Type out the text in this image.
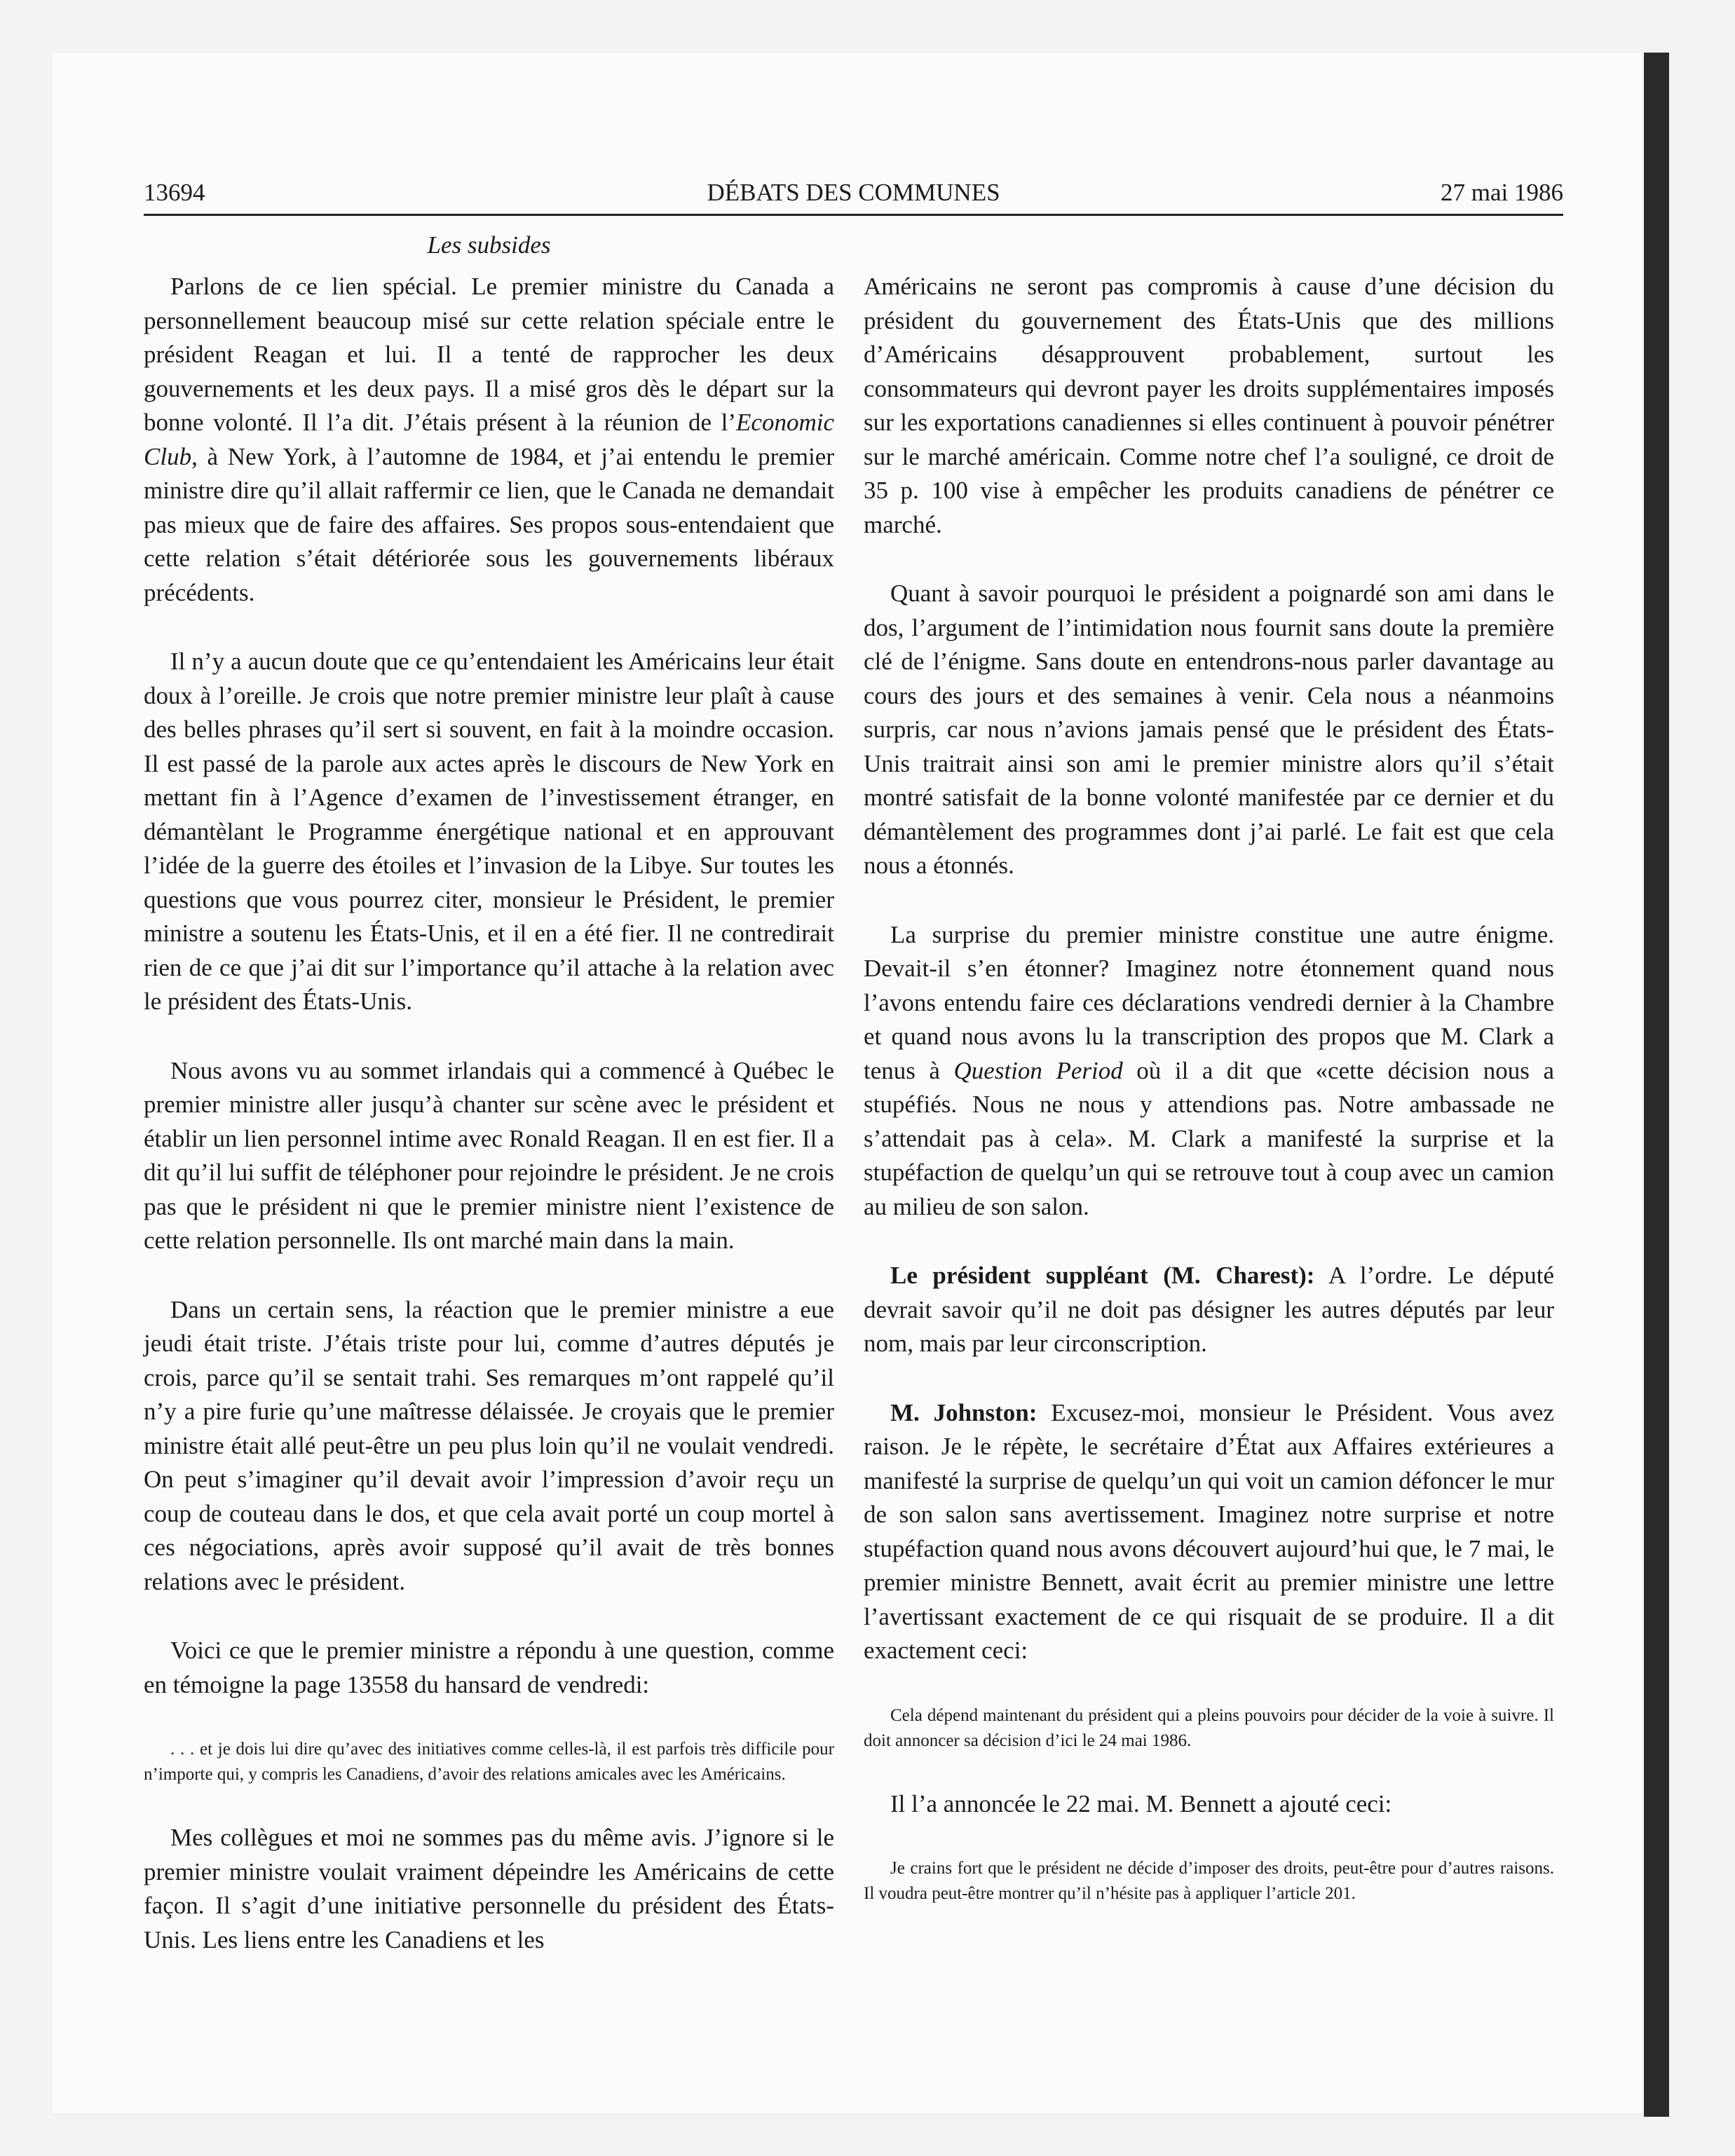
13694	DÉBATS DES COMMUNES	27 mai 1986
Les subsides

Parlons de ce lien spécial. Le premier ministre du Canada a personnellement beaucoup misé sur cette relation spéciale entre le président Reagan et lui. Il a tenté de rapprocher les deux gouvernements et les deux pays. Il a misé gros dès le départ sur la bonne volonté. Il l’a dit. J’étais présent à la réunion de l’Economic Club, à New York, à l’automne de 1984, et j’ai entendu le premier ministre dire qu’il allait raffermir ce lien, que le Canada ne demandait pas mieux que de faire des affaires. Ses propos sous-entendaient que cette relation s’était détériorée sous les gouvernements libéraux précédents.

Il n’y a aucun doute que ce qu’entendaient les Américains leur était doux à l’oreille. Je crois que notre premier ministre leur plaît à cause des belles phrases qu’il sert si souvent, en fait à la moindre occasion. Il est passé de la parole aux actes après le discours de New York en mettant fin à l’Agence d’examen de l’investissement étranger, en démantèlant le Programme énergétique national et en approuvant l’idée de la guerre des étoiles et l’invasion de la Libye. Sur toutes les questions que vous pourrez citer, monsieur le Président, le premier ministre a soutenu les États-Unis, et il en a été fier. Il ne contredirait rien de ce que j’ai dit sur l’importance qu’il attache à la relation avec le président des États-Unis.

Nous avons vu au sommet irlandais qui a commencé à Québec le premier ministre aller jusqu’à chanter sur scène avec le président et établir un lien personnel intime avec Ronald Reagan. Il en est fier. Il a dit qu’il lui suffit de téléphoner pour rejoindre le président. Je ne crois pas que le président ni que le premier ministre nient l’existence de cette relation personnelle. Ils ont marché main dans la main.

Dans un certain sens, la réaction que le premier ministre a eue jeudi était triste. J’étais triste pour lui, comme d’autres députés je crois, parce qu’il se sentait trahi. Ses remarques m’ont rappelé qu’il n’y a pire furie qu’une maîtresse délaissée. Je croyais que le premier ministre était allé peut-être un peu plus loin qu’il ne voulait vendredi. On peut s’imaginer qu’il devait avoir l’impression d’avoir reçu un coup de couteau dans le dos, et que cela avait porté un coup mortel à ces négociations, après avoir supposé qu’il avait de très bonnes relations avec le président.

Voici ce que le premier ministre a répondu à une question, comme en témoigne la page 13558 du hansard de vendredi:

. . . et je dois lui dire qu’avec des initiatives comme celles-là, il est parfois très difficile pour n’importe qui, y compris les Canadiens, d’avoir des relations amicales avec les Américains.

Mes collègues et moi ne sommes pas du même avis. J’ignore si le premier ministre voulait vraiment dépeindre les Américains de cette façon. Il s’agit d’une initiative personnelle du président des États-Unis. Les liens entre les Canadiens et les

Américains ne seront pas compromis à cause d’une décision du président du gouvernement des États-Unis que des millions d’Américains désapprouvent probablement, surtout les consommateurs qui devront payer les droits supplémentaires imposés sur les exportations canadiennes si elles continuent à pouvoir pénétrer sur le marché américain. Comme notre chef l’a souligné, ce droit de 35 p. 100 vise à empêcher les produits canadiens de pénétrer ce marché.

Quant à savoir pourquoi le président a poignardé son ami dans le dos, l’argument de l’intimidation nous fournit sans doute la première clé de l’énigme. Sans doute en entendrons-nous parler davantage au cours des jours et des semaines à venir. Cela nous a néanmoins surpris, car nous n’avions jamais pensé que le président des États-Unis traitrait ainsi son ami le premier ministre alors qu’il s’était montré satisfait de la bonne volonté manifestée par ce dernier et du démantèlement des programmes dont j’ai parlé. Le fait est que cela nous a étonnés.

La surprise du premier ministre constitue une autre énigme. Devait-il s’en étonner? Imaginez notre étonnement quand nous l’avons entendu faire ces déclarations vendredi dernier à la Chambre et quand nous avons lu la transcription des propos que M. Clark a tenus à Question Period où il a dit que «cette décision nous a stupéfiés. Nous ne nous y attendions pas. Notre ambassade ne s’attendait pas à cela». M. Clark a manifesté la surprise et la stupéfaction de quelqu’un qui se retrouve tout à coup avec un camion au milieu de son salon.

Le président suppléant (M. Charest): A l’ordre. Le député devrait savoir qu’il ne doit pas désigner les autres députés par leur nom, mais par leur circonscription.

M. Johnston: Excusez-moi, monsieur le Président. Vous avez raison. Je le répète, le secrétaire d’État aux Affaires extérieures a manifesté la surprise de quelqu’un qui voit un camion défoncer le mur de son salon sans avertissement. Imaginez notre surprise et notre stupéfaction quand nous avons découvert aujourd’hui que, le 7 mai, le premier ministre Bennett, avait écrit au premier ministre une lettre l’avertissant exactement de ce qui risquait de se produire. Il a dit exactement ceci:

Cela dépend maintenant du président qui a pleins pouvoirs pour décider de la voie à suivre. Il doit annoncer sa décision d’ici le 24 mai 1986.

Il l’a annoncée le 22 mai. M. Bennett a ajouté ceci:

Je crains fort que le président ne décide d’imposer des droits, peut-être pour d’autres raisons. Il voudra peut-être montrer qu’il n’hésite pas à appliquer l’article 201.
